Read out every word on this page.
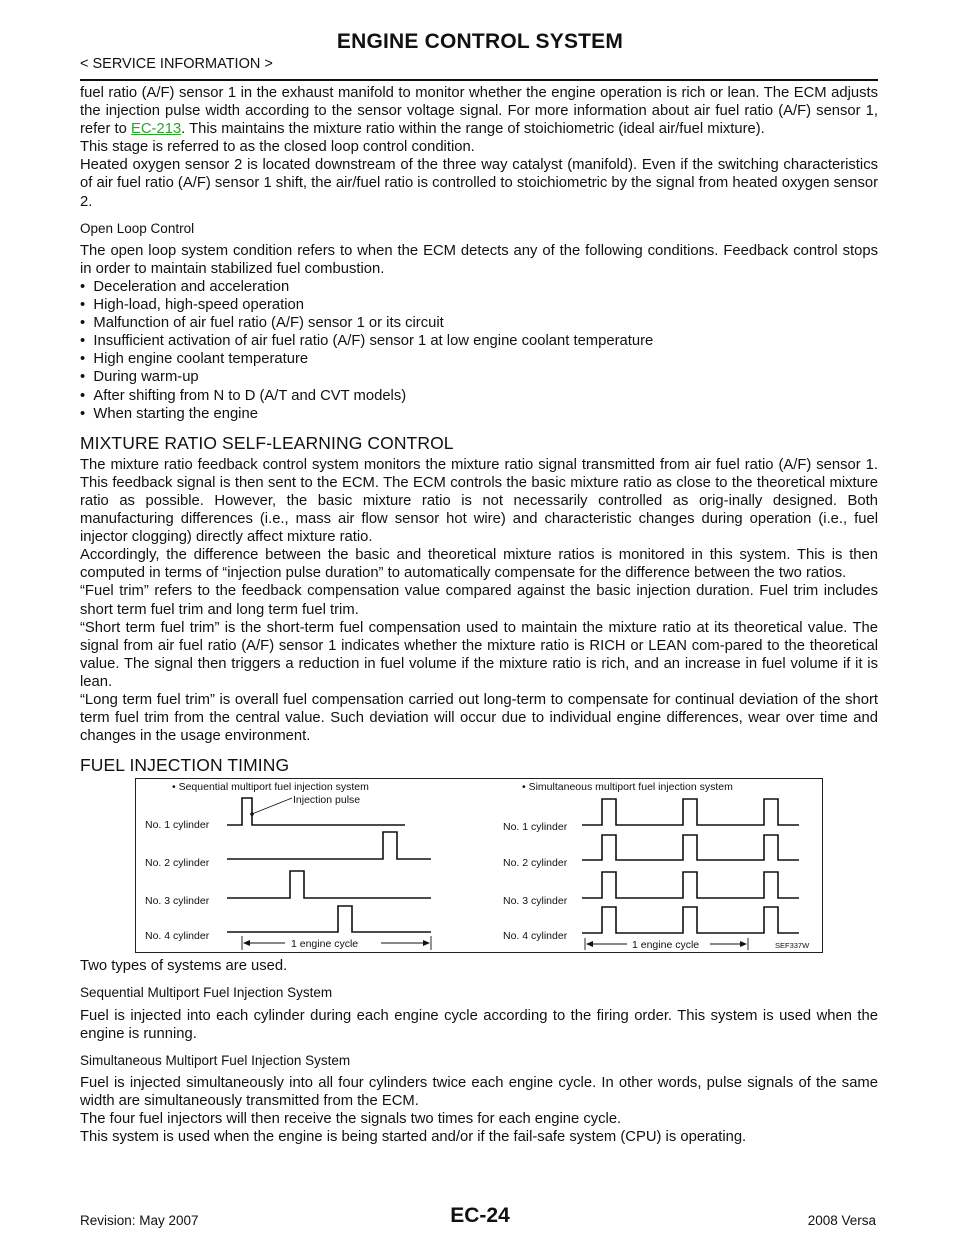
ENGINE CONTROL SYSTEM
< SERVICE INFORMATION >

fuel ratio (A/F) sensor 1 in the exhaust manifold to monitor whether the engine operation is rich or lean. The ECM adjusts the injection pulse width according to the sensor voltage signal. For more information about air fuel ratio (A/F) sensor 1, refer to EC-213. This maintains the mixture ratio within the range of stoichiometric (ideal air/fuel mixture).

This stage is referred to as the closed loop control condition.

Heated oxygen sensor 2 is located downstream of the three way catalyst (manifold). Even if the switching characteristics of air fuel ratio (A/F) sensor 1 shift, the air/fuel ratio is controlled to stoichiometric by the signal from heated oxygen sensor 2.

Open Loop Control

The open loop system condition refers to when the ECM detects any of the following conditions. Feedback control stops in order to maintain stabilized fuel combustion.

•  Deceleration and acceleration
•  High-load, high-speed operation
•  Malfunction of air fuel ratio (A/F) sensor 1 or its circuit
•  Insufficient activation of air fuel ratio (A/F) sensor 1 at low engine coolant temperature
•  High engine coolant temperature
•  During warm-up
•  After shifting from N to D (A/T and CVT models)
•  When starting the engine
MIXTURE RATIO SELF-LEARNING CONTROL

The mixture ratio feedback control system monitors the mixture ratio signal transmitted from air fuel ratio (A/F) sensor 1. This feedback signal is then sent to the ECM. The ECM controls the basic mixture ratio as close to the theoretical mixture ratio as possible. However, the basic mixture ratio is not necessarily controlled as orig-inally designed. Both manufacturing differences (i.e., mass air flow sensor hot wire) and characteristic changes during operation (i.e., fuel injector clogging) directly affect mixture ratio.

Accordingly, the difference between the basic and theoretical mixture ratios is monitored in this system. This is then computed in terms of “injection pulse duration” to automatically compensate for the difference between the two ratios.

“Fuel trim” refers to the feedback compensation value compared against the basic injection duration. Fuel trim includes short term fuel trim and long term fuel trim.

“Short term fuel trim” is the short-term fuel compensation used to maintain the mixture ratio at its theoretical value. The signal from air fuel ratio (A/F) sensor 1 indicates whether the mixture ratio is RICH or LEAN com-pared to the theoretical value. The signal then triggers a reduction in fuel volume if the mixture ratio is rich, and an increase in fuel volume if it is lean.

“Long term fuel trim” is overall fuel compensation carried out long-term to compensate for continual deviation of the short term fuel trim from the central value. Such deviation will occur due to individual engine differences, wear over time and changes in the usage environment.

FUEL INJECTION TIMING
• Sequential multiport fuel injection system
No. 1 cylinder
No. 2 cylinder
No. 3 cylinder
No. 4 cylinder
Injection pulse
1 engine cycle
• Simultaneous multiport fuel injection system
No. 1 cylinder
No. 2 cylinder
No. 3 cylinder
No. 4 cylinder
1 engine cycle	SEF337W

Two types of systems are used.

Sequential Multiport Fuel Injection System

Fuel is injected into each cylinder during each engine cycle according to the firing order. This system is used when the engine is running.

Simultaneous Multiport Fuel Injection System

Fuel is injected simultaneously into all four cylinders twice each engine cycle. In other words, pulse signals of the same width are simultaneously transmitted from the ECM.

The four fuel injectors will then receive the signals two times for each engine cycle.

This system is used when the engine is being started and/or if the fail-safe system (CPU) is operating.

Revision: May 2007	EC-24	2008 Versa
